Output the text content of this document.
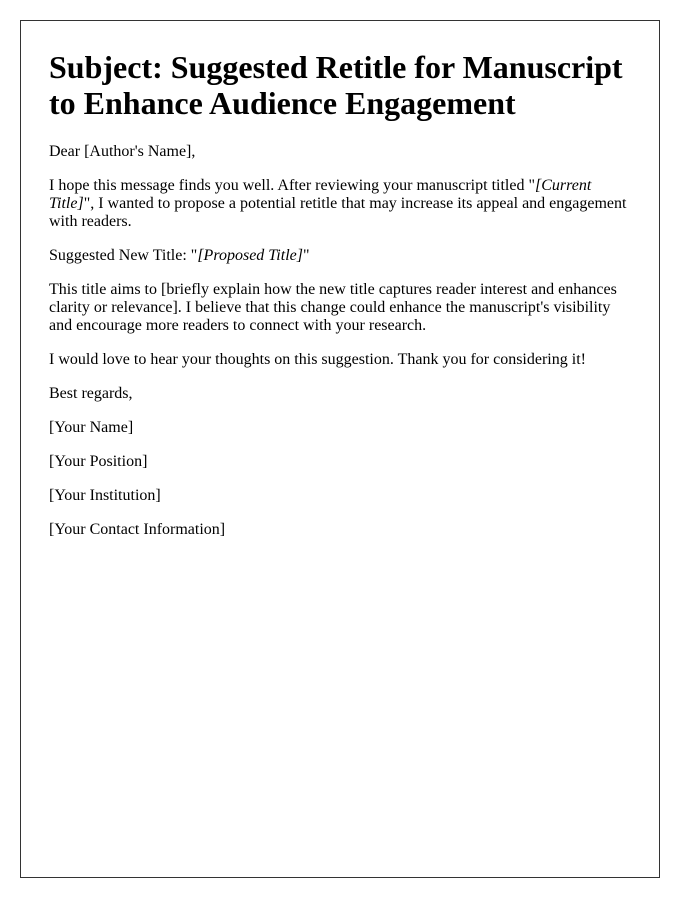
Subject: Suggested Retitle for Manuscript to Enhance Audience Engagement

Dear [Author's Name],

I hope this message finds you well. After reviewing your manuscript titled "[Current Title]", I wanted to propose a potential retitle that may increase its appeal and engagement with readers.

Suggested New Title: "[Proposed Title]"

This title aims to [briefly explain how the new title captures reader interest and enhances clarity or relevance]. I believe that this change could enhance the manuscript's visibility and encourage more readers to connect with your research.

I would love to hear your thoughts on this suggestion. Thank you for considering it!

Best regards,

[Your Name]

[Your Position]

[Your Institution]

[Your Contact Information]
